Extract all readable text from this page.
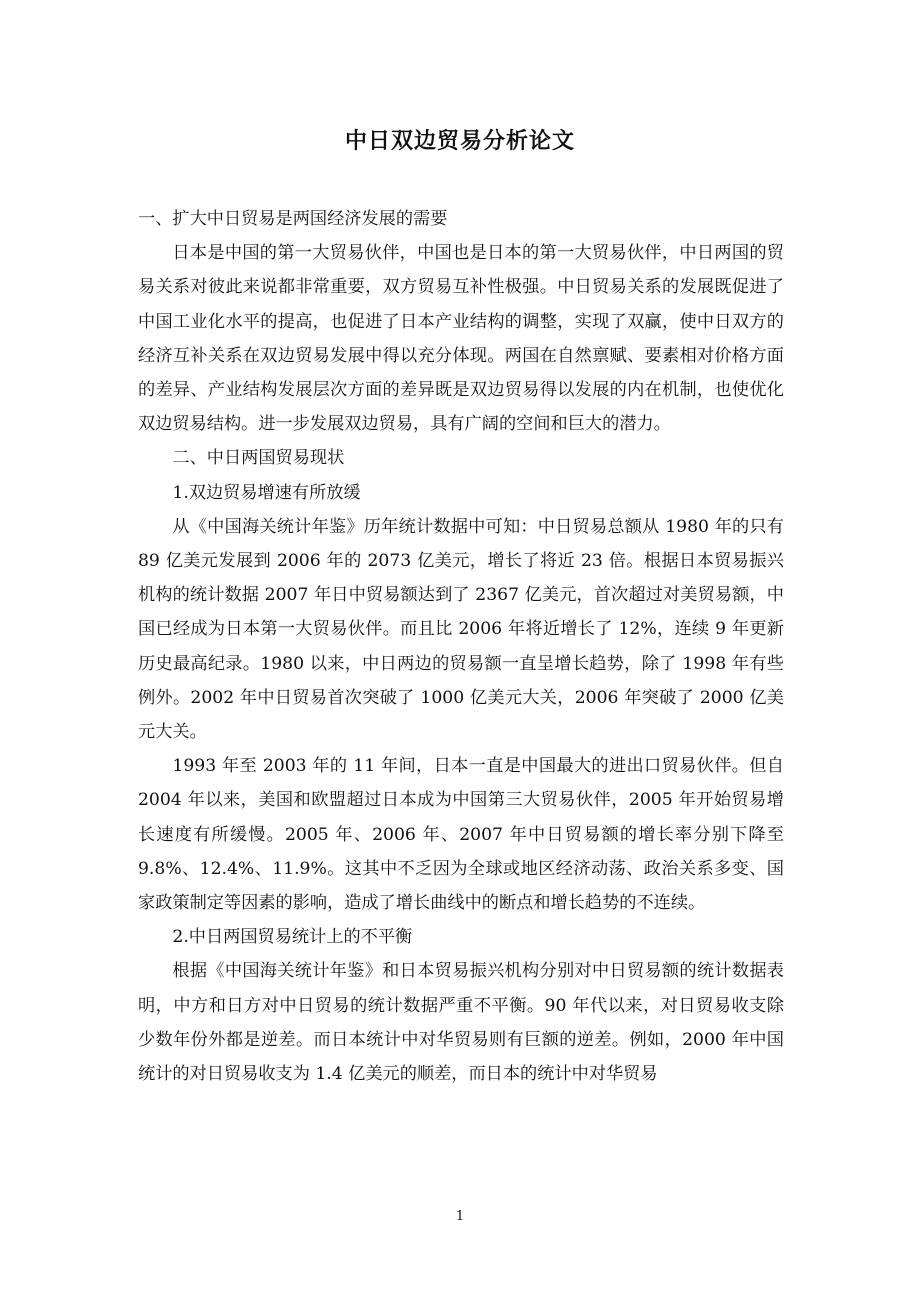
中日双边贸易分析论文

一、扩大中日贸易是两国经济发展的需要

日本是中国的第一大贸易伙伴，中国也是日本的第一大贸易伙伴，中日两国的贸易关系对彼此来说都非常重要，双方贸易互补性极强。中日贸易关系的发展既促进了中国工业化水平的提高，也促进了日本产业结构的调整，实现了双赢，使中日双方的经济互补关系在双边贸易发展中得以充分体现。两国在自然禀赋、要素相对价格方面的差异、产业结构发展层次方面的差异既是双边贸易得以发展的内在机制，也使优化双边贸易结构。进一步发展双边贸易，具有广阔的空间和巨大的潜力。

二、中日两国贸易现状

1.双边贸易增速有所放缓

从《中国海关统计年鉴》历年统计数据中可知：中日贸易总额从 1980 年的只有 89 亿美元发展到 2006 年的 2073 亿美元，增长了将近 23 倍。根据日本贸易振兴机构的统计数据 2007 年日中贸易额达到了 2367 亿美元，首次超过对美贸易额，中国已经成为日本第一大贸易伙伴。而且比 2006 年将近增长了 12%，连续 9 年更新历史最高纪录。1980 以来，中日两边的贸易额一直呈增长趋势，除了 1998 年有些例外。2002 年中日贸易首次突破了 1000 亿美元大关，2006 年突破了 2000 亿美元大关。

1993 年至 2003 年的 11 年间，日本一直是中国最大的进出口贸易伙伴。但自 2004 年以来，美国和欧盟超过日本成为中国第三大贸易伙伴，2005 年开始贸易增长速度有所缓慢。2005 年、2006 年、2007 年中日贸易额的增长率分别下降至 9.8%、12.4%、11.9%。这其中不乏因为全球或地区经济动荡、政治关系多变、国家政策制定等因素的影响，造成了增长曲线中的断点和增长趋势的不连续。

2.中日两国贸易统计上的不平衡

根据《中国海关统计年鉴》和日本贸易振兴机构分别对中日贸易额的统计数据表明，中方和日方对中日贸易的统计数据严重不平衡。90 年代以来，对日贸易收支除少数年份外都是逆差。而日本统计中对华贸易则有巨额的逆差。例如，2000 年中国统计的对日贸易收支为 1.4 亿美元的顺差，而日本的统计中对华贸易

1
